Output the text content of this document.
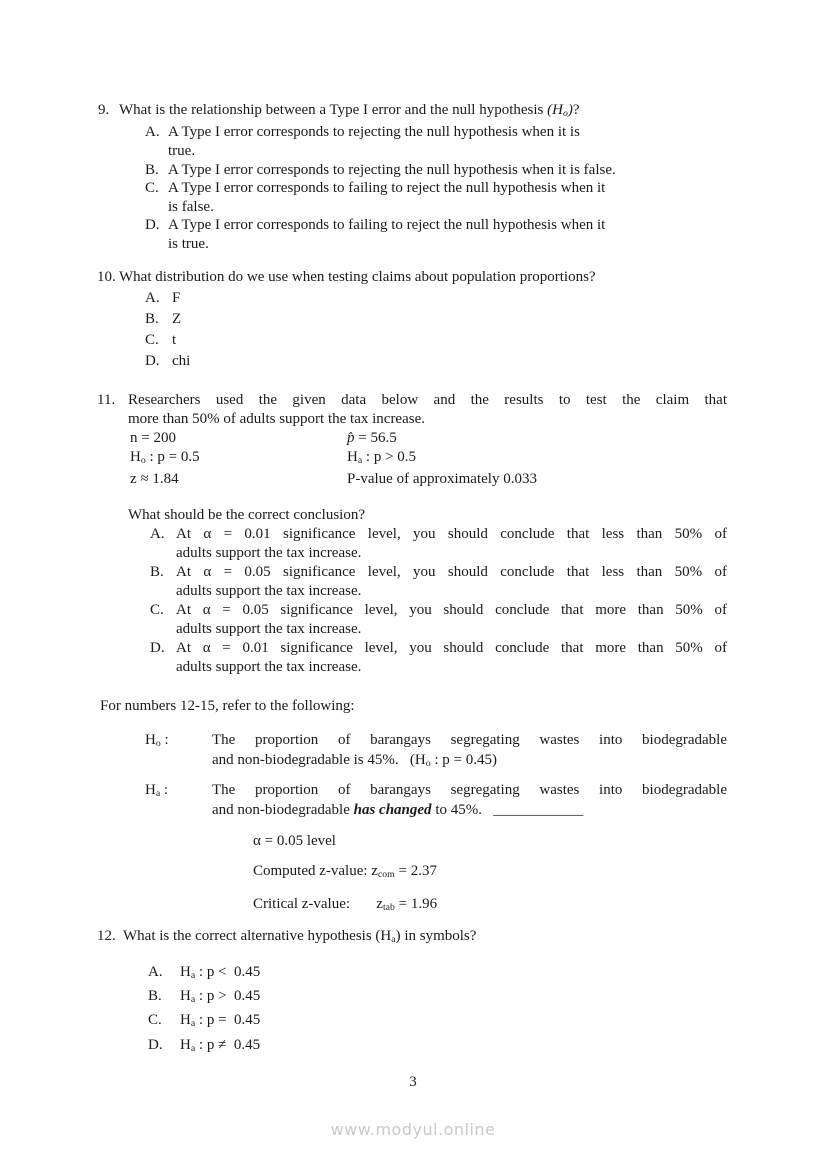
9. What is the relationship between a Type I error and the null hypothesis (Ho)?
A. A Type I error corresponds to rejecting the null hypothesis when it is
true.
B. A Type I error corresponds to rejecting the null hypothesis when it is false.
C. A Type I error corresponds to failing to reject the null hypothesis when it
is false.
D. A Type I error corresponds to failing to reject the null hypothesis when it
is true.
10. What distribution do we use when testing claims about population proportions?
A. F
B. Z
C. t
D. chi
11. Researchers used the given data below and the results to test the claim that
more than 50% of adults support the tax increase.
n = 200	p̂ = 56.5
Ho : p = 0.5	Ha : p > 0.5
z ≈ 1.84	P-value of approximately 0.033
What should be the correct conclusion?
A. At α = 0.01 significance level, you should conclude that less than 50% of
adults support the tax increase.
B. At α = 0.05 significance level, you should conclude that less than 50% of
adults support the tax increase.
C. At α = 0.05 significance level, you should conclude that more than 50% of
adults support the tax increase.
D. At α = 0.01 significance level, you should conclude that more than 50% of
adults support the tax increase.
For numbers 12-15, refer to the following:
Ho :	The proportion of barangays segregating wastes into biodegradable
and non-biodegradable is 45%.   (Ho : p = 0.45)
Ha :	The proportion of barangays segregating wastes into biodegradable
and non-biodegradable has changed to 45%.   ____________
α = 0.05 level
Computed z-value: zcom = 2.37
Critical z-value:       ztab = 1.96
12. What is the correct alternative hypothesis (Ha) in symbols?
A.	Ha : p <  0.45
B.	Ha : p >  0.45
C.	Ha : p =  0.45
D.	Ha : p ≠  0.45
3
www.modyul.online
